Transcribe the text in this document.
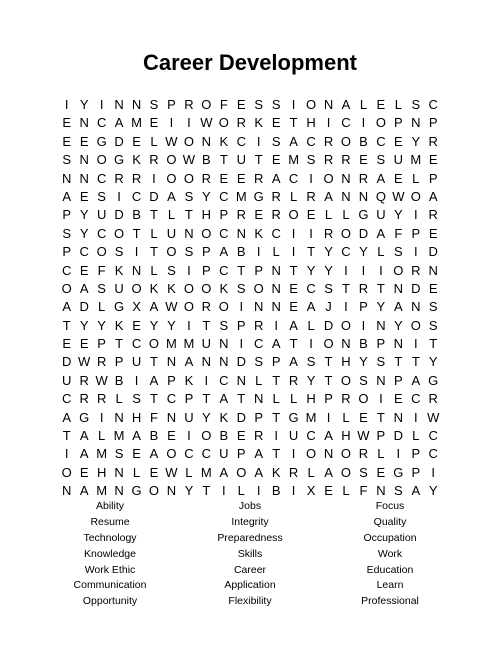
Career Development
I Y I N N S P R O F E S S I O N A L E L S C
E N C A M E I	I W O R K E T H I C I O P N P
E E G D E L W O N K C I S A C R O B C E Y R
S N O G K R O W B T U T E M S R R E S U M E
N N C R R I O O R E E R A C I O N R A E L P
A E S I C D A S Y C M G R L R A N N Q W O A
P Y U D B T L T H P R E R O E L L G U Y I R
S Y C O T L U N O C N K C I	I R O D A F P E
P C O S I T O S P A B I L I T Y C Y L S I D
C E F K N L S I P C T P N T Y Y I	I	I O R N
O A S U O K K O O K S O N E C S T R T N D E
A D L G X A W O R O I N N E A J I P Y A N S
T Y Y K E Y Y I T S P R I A L D O I N Y O S
E E P T C O M M U N I C A T I O N B P N I T
D W R P U T N A N N D S P A S T H Y S T T Y
U R W B I A P K I C N L T R Y T O S N P A G
C R R L S T C P T A T N L L H P R O I E C R
A G I N H F N U Y K D P T G M I L E T N I W
T A L M A B E I O B E R I U C A H W P D L C
I A M S E A O C C U P A T I O N O R L I P C
O E H N L E W L M A O A K R L A O S E G P I
N A M N G O N Y T I L I B I X E L F N S A Y
Ability
Resume
Technology
Knowledge
Work Ethic
Communication
Opportunity
Jobs
Integrity
Preparedness
Skills
Career
Application
Flexibility
Focus
Quality
Occupation
Work
Education
Learn
Professional
